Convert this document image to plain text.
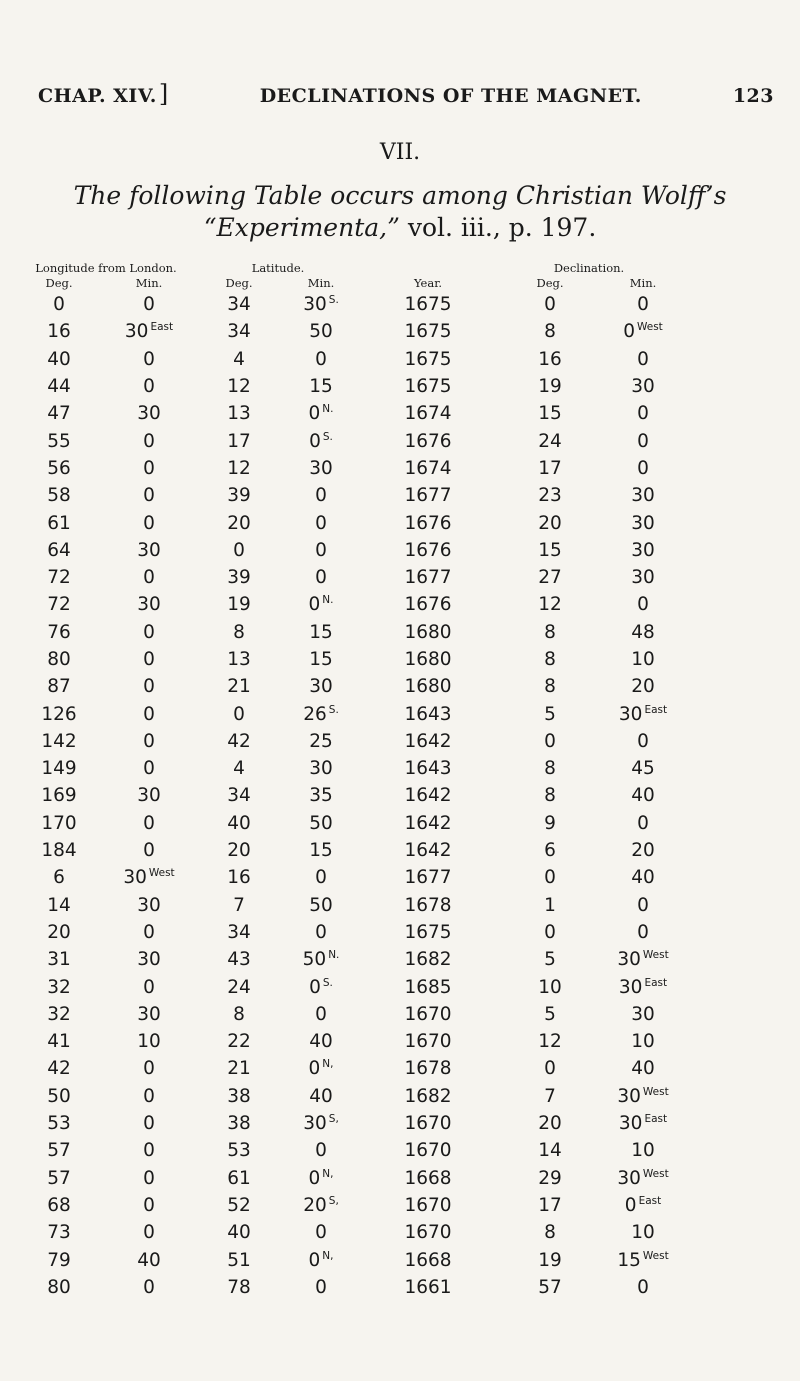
CHAP. XIV. ]	DECLINATIONS OF THE MAGNET.	123
VII.
The following Table occurs among Christian Wolff’s
“Experimenta,” vol. iii., p. 197.
Longitude from London.		Latitude.			Declination.		
Deg.	Min.	Deg.	Min.	Year.	Deg.	Min.	
0	0	34	30 $^{S.}$	1675	0	0	
16	30 $^{East}$	34	50	1675	8	0 $^{West}$	
40	0	4	0	1675	16	0	
44	0	12	15	1675	19	30	
47	30	13	0 $^{N.}$	1674	15	0	
55	0	17	0 $^{S.}$	1676	24	0	
56	0	12	30	1674	17	0	
58	0	39	0	1677	23	30	
61	0	20	0	1676	20	30	
64	30	0	0	1676	15	30	
72	0	39	0	1677	27	30	
72	30	19	0 $^{N.}$	1676	12	0	
76	0	8	15	1680	8	48	
80	0	13	15	1680	8	10	
87	0	21	30	1680	8	20	
126	0	0	26 $^{S.}$	1643	5	30 $^{East}$	
142	0	42	25	1642	0	0	
149	0	4	30	1643	8	45	
169	30	34	35	1642	8	40	
170	0	40	50	1642	9	0	
184	0	20	15	1642	6	20	
6	30 $^{West}$	16	0	1677	0	40	
14	30	7	50	1678	1	0	
20	0	34	0	1675	0	0	
31	30	43	50 $^{N.}$	1682	5	30 $^{West}$	
32	0	24	0 $^{S.}$	1685	10	30 $^{East}$	
32	30	8	0	1670	5	30	
41	10	22	40	1670	12	10	
42	0	21	0 $^{N,}$	1678	0	40	
50	0	38	40	1682	7	30 $^{West}$	
53	0	38	30 $^{S,}$	1670	20	30 $^{East}$	
57	0	53	0	1670	14	10	
57	0	61	0 $^{N,}$	1668	29	30 $^{West}$	
68	0	52	20 $^{S,}$	1670	17	0 $^{East}$	
73	0	40	0	1670	8	10	
79	40	51	0 $^{N,}$	1668	19	15 $^{West}$	
80	0	78	0	1661	57	0	
